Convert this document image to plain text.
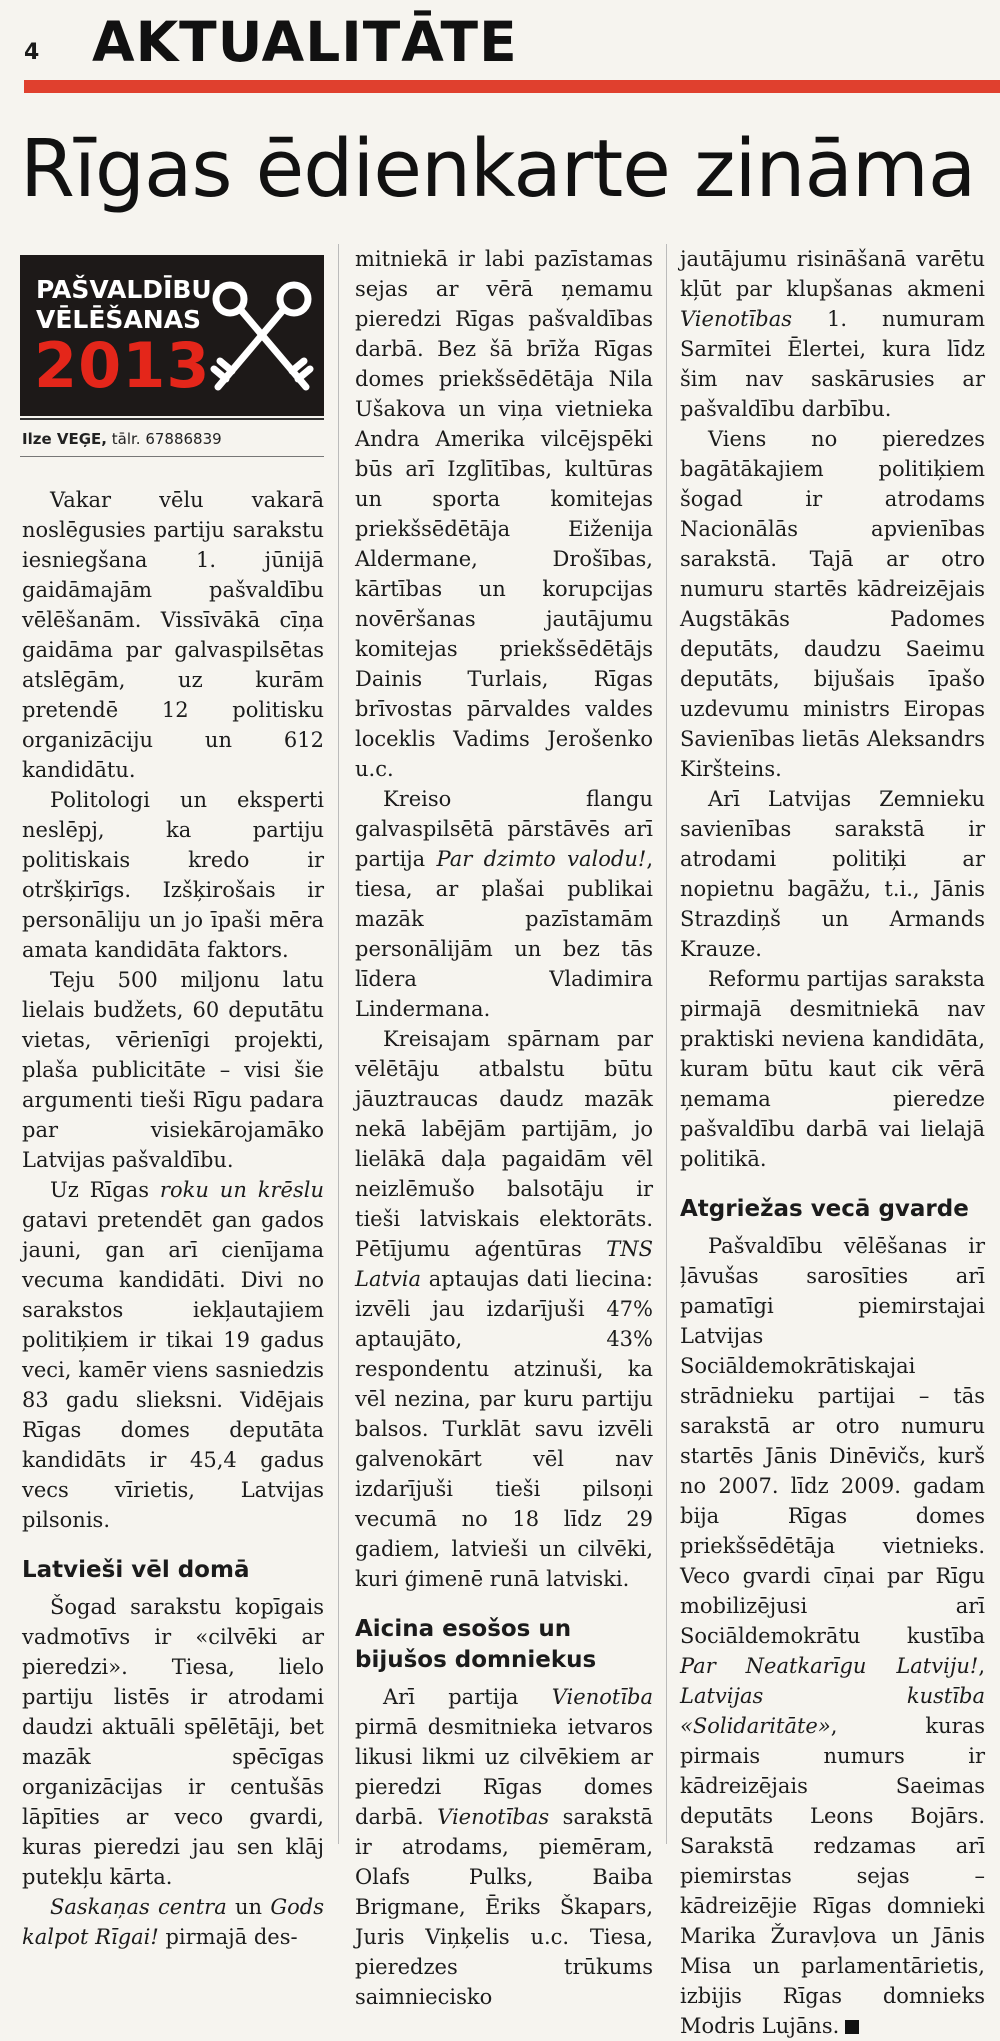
4 AKTUALITĀTE
Rīgas ēdienkarte zināma
PAŠVALDĪBU
VĒLĒŠANAS
2013
Ilze VEĢE, tālr. 67886839

Vakar vēlu vakarā noslēgusies partiju sarakstu iesniegšana 1. jūnijā gaidāmajām pašvaldību vēlēšanām. Vissīvākā cīņa gaidāma par galvaspilsētas atslēgām, uz kurām pretendē 12 politisku organizāciju un 612 kandidātu.

Politologi un eksperti neslēpj, ka partiju politiskais kredo ir otršķirīgs. Izšķirošais ir personāliju un jo īpaši mēra amata kandidāta faktors.

Teju 500 miljonu latu lielais budžets, 60 deputātu vietas, vērienīgi projekti, plaša publicitāte – visi šie argumenti tieši Rīgu padara par visiekārojamāko Latvijas pašvaldību.

Uz Rīgas roku un krēslu gatavi pretendēt gan gados jauni, gan arī cienījama vecuma kandidāti. Divi no sarakstos iekļautajiem politiķiem ir tikai 19 gadus veci, kamēr viens sasniedzis 83 gadu slieksni. Vidējais Rīgas domes deputāta kandidāts ir 45,4 gadus vecs vīrietis, Latvijas pilsonis.

Latvieši vēl domā

Šogad sarakstu kopīgais vadmotīvs ir «cilvēki ar pieredzi». Tiesa, lielo partiju listēs ir atrodami daudzi aktuāli spēlētāji, bet mazāk spēcīgas organizācijas ir centušās lāpīties ar veco gvardi, kuras pieredzi jau sen klāj putekļu kārta.

Saskaņas centra un Gods kalpot Rīgai! pirmajā des-

mitniekā ir labi pazīstamas sejas ar vērā ņemamu pieredzi Rīgas pašvaldības darbā. Bez šā brīža Rīgas domes priekšsēdētāja Nila Ušakova un viņa vietnieka Andra Amerika vilcējspēki būs arī Izglītības, kultūras un sporta komitejas priekšsēdētāja Eiženija Aldermane, Drošības, kārtības un korupcijas novēršanas jautājumu komitejas priekšsēdētājs Dainis Turlais, Rīgas brīvostas pārvaldes valdes loceklis Vadims Jerošenko u.c.

Kreiso flangu galvaspilsētā pārstāvēs arī partija Par dzimto valodu!, tiesa, ar plašai publikai mazāk pazīstamām personālijām un bez tās līdera Vladimira Lindermana.

Kreisajam spārnam par vēlētāju atbalstu būtu jāuztraucas daudz mazāk nekā labējām partijām, jo lielākā daļa pagaidām vēl neizlēmušo balsotāju ir tieši latviskais elektorāts. Pētījumu aģentūras TNS Latvia aptaujas dati liecina: izvēli jau izdarījuši 47% aptaujāto, 43% respondentu atzinuši, ka vēl nezina, par kuru partiju balsos. Turklāt savu izvēli galvenokārt vēl nav izdarījuši tieši pilsoņi vecumā no 18 līdz 29 gadiem, latvieši un cilvēki, kuri ģimenē runā latviski.

Aicina esošos un bijušos domniekus

Arī partija Vienotība pirmā desmitnieka ietvaros likusi likmi uz cilvēkiem ar pieredzi Rīgas domes darbā. Vienotības sarakstā ir atrodams, piemēram, Olafs Pulks, Baiba Brigmane, Ēriks Škapars, Juris Viņķelis u.c. Tiesa, pieredzes trūkums saimniecisko

jautājumu risināšanā varētu kļūt par klupšanas akmeni Vienotības 1. numuram Sarmītei Ēlertei, kura līdz šim nav saskārusies ar pašvaldību darbību.

Viens no pieredzes bagātākajiem politiķiem šogad ir atrodams Nacionālās apvienības sarakstā. Tajā ar otro numuru startēs kādreizējais Augstākās Padomes deputāts, daudzu Saeimu deputāts, bijušais īpašo uzdevumu ministrs Eiropas Savienības lietās Aleksandrs Kiršteins.

Arī Latvijas Zemnieku savienības sarakstā ir atrodami politiķi ar nopietnu bagāžu, t.i., Jānis Strazdiņš un Armands Krauze.

Reformu partijas saraksta pirmajā desmitniekā nav praktiski neviena kandidāta, kuram būtu kaut cik vērā ņemama pieredze pašvaldību darbā vai lielajā politikā.

Atgriežas vecā gvarde

Pašvaldību vēlēšanas ir ļāvušas sarosīties arī pamatīgi piemirstajai Latvijas Sociāldemokrātiskajai strādnieku partijai – tās sarakstā ar otro numuru startēs Jānis Dinēvičs, kurš no 2007. līdz 2009. gadam bija Rīgas domes priekšsēdētāja vietnieks. Veco gvardi cīņai par Rīgu mobilizējusi arī Sociāldemokrātu kustība Par Neatkarīgu Latviju!, Latvijas kustība «Solidaritāte», kuras pirmais numurs ir kādreizējais Saeimas deputāts Leons Bojārs. Sarakstā redzamas arī piemirstas sejas – kādreizējie Rīgas domnieki Marika Žuravļova un Jānis Misa un parlamentārietis, izbijis Rīgas domnieks Modris Lujāns.
